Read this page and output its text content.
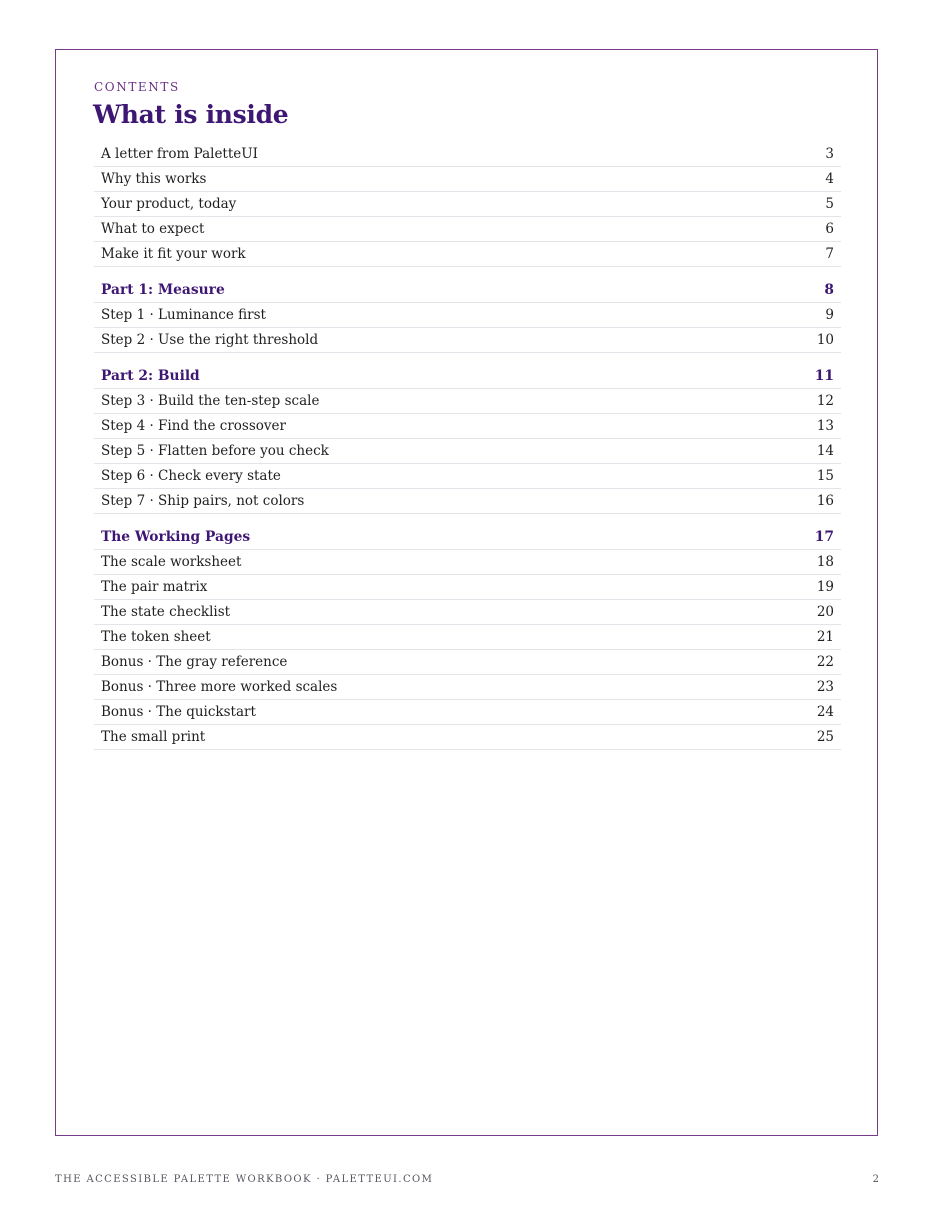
CONTENTS
What is inside
A letter from PaletteUI	3
Why this works	4
Your product, today	5
What to expect	6
Make it fit your work	7
Part 1: Measure	8
Step 1 · Luminance first	9
Step 2 · Use the right threshold	10
Part 2: Build	11
Step 3 · Build the ten-step scale	12
Step 4 · Find the crossover	13
Step 5 · Flatten before you check	14
Step 6 · Check every state	15
Step 7 · Ship pairs, not colors	16
The Working Pages	17
The scale worksheet	18
The pair matrix	19
The state checklist	20
The token sheet	21
Bonus · The gray reference	22
Bonus · Three more worked scales	23
Bonus · The quickstart	24
The small print	25
THE ACCESSIBLE PALETTE WORKBOOK · PALETTEUI.COM	2
